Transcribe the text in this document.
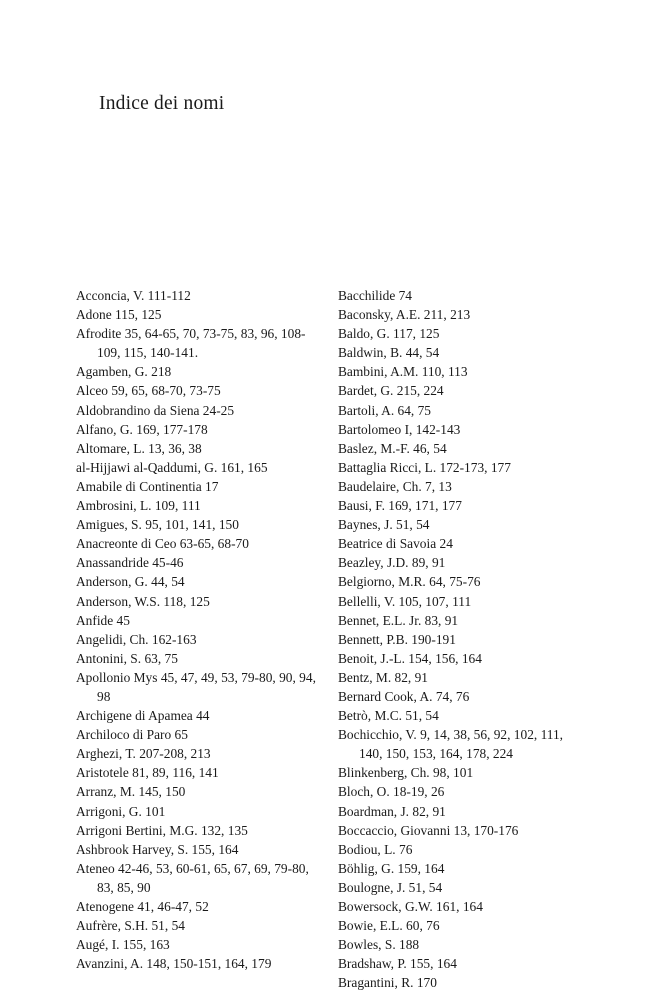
Indice dei nomi
Acconcia, V. 111-112
Adone 115, 125
Afrodite 35, 64-65, 70, 73-75, 83, 96, 108-109, 115, 140-141.
Agamben, G. 218
Alceo 59, 65, 68-70, 73-75
Aldobrandino da Siena 24-25
Alfano, G. 169, 177-178
Altomare, L. 13, 36, 38
al-Hijjawi al-Qaddumi, G. 161, 165
Amabile di Continentia 17
Ambrosini, L. 109, 111
Amigues, S. 95, 101, 141, 150
Anacreonte di Ceo 63-65, 68-70
Anassandride 45-46
Anderson, G. 44, 54
Anderson, W.S. 118, 125
Anfide 45
Angelidi, Ch. 162-163
Antonini, S. 63, 75
Apollonio Mys 45, 47, 49, 53, 79-80, 90, 94, 98
Archigene di Apamea 44
Archiloco di Paro 65
Arghezi, T. 207-208, 213
Aristotele 81, 89, 116, 141
Arranz, M. 145, 150
Arrigoni, G. 101
Arrigoni Bertini, M.G. 132, 135
Ashbrook Harvey, S. 155, 164
Ateneo 42-46, 53, 60-61, 65, 67, 69, 79-80, 83, 85, 90
Atenogene 41, 46-47, 52
Aufrère, S.H. 51, 54
Augé, I. 155, 163
Avanzini, A. 148, 150-151, 164, 179
Bacchilide 74
Baconsky, A.E. 211, 213
Baldo, G. 117, 125
Baldwin, B. 44, 54
Bambini, A.M. 110, 113
Bardet, G. 215, 224
Bartoli, A. 64, 75
Bartolomeo I, 142-143
Baslez, M.-F. 46, 54
Battaglia Ricci, L. 172-173, 177
Baudelaire, Ch. 7, 13
Bausi, F. 169, 171, 177
Baynes, J. 51, 54
Beatrice di Savoia 24
Beazley, J.D. 89, 91
Belgiorno, M.R. 64, 75-76
Bellelli, V. 105, 107, 111
Bennet, E.L. Jr. 83, 91
Bennett, P.B. 190-191
Benoit, J.-L. 154, 156, 164
Bentz, M. 82, 91
Bernard Cook, A. 74, 76
Betrò, M.C. 51, 54
Bochicchio, V. 9, 14, 38, 56, 92, 102, 111, 140, 150, 153, 164, 178, 224
Blinkenberg, Ch. 98, 101
Bloch, O. 18-19, 26
Boardman, J. 82, 91
Boccaccio, Giovanni 13, 170-176
Bodiou, L. 76
Böhlig, G. 159, 164
Boulogne, J. 51, 54
Bowersock, G.W. 161, 164
Bowie, E.L. 60, 76
Bowles, S. 188
Bradshaw, P. 155, 164
Bragantini, R. 170
